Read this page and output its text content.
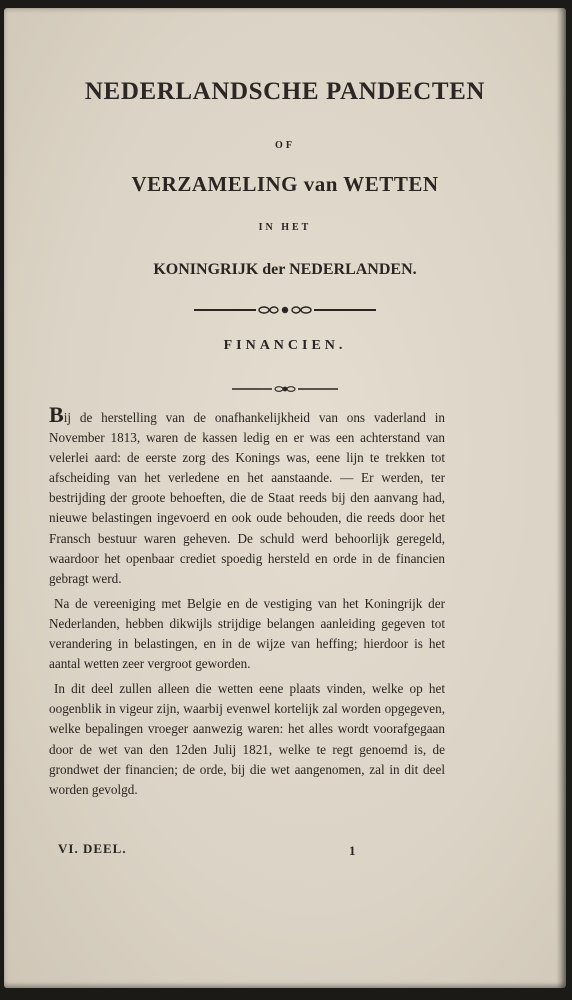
NEDERLANDSCHE PANDECTEN
OF
VERZAMELING van WETTEN
IN HET
KONINGRIJK der NEDERLANDEN.
FINANCIEN.

Bij de herstelling van de onafhankelijkheid van ons vaderland in November 1813, waren de kassen ledig en er was een achterstand van velerlei aard: de eerste zorg des Konings was, eene lijn te trekken tot afscheiding van het verledene en het aanstaande. — Er werden, ter bestrijding der groote behoeften, die de Staat reeds bij den aanvang had, nieuwe belastingen ingevoerd en ook oude behouden, die reeds door het Fransch bestuur waren geheven. De schuld werd behoorlijk geregeld, waardoor het openbaar crediet spoedig hersteld en orde in de financien gebragt werd.

Na de vereeniging met Belgie en de vestiging van het Koningrijk der Nederlanden, hebben dikwijls strijdige belangen aanleiding gegeven tot verandering in belastingen, en in de wijze van heffing; hierdoor is het aantal wetten zeer vergroot geworden.

In dit deel zullen alleen die wetten eene plaats vinden, welke op het oogenblik in vigeur zijn, waarbij evenwel kortelijk zal worden opgegeven, welke bepalingen vroeger aanwezig waren: het alles wordt voorafgegaan door de wet van den 12den Julij 1821, welke te regt genoemd is, de grondwet der financien; de orde, bij die wet aangenomen, zal in dit deel worden gevolgd.

VI. DEEL.	1
